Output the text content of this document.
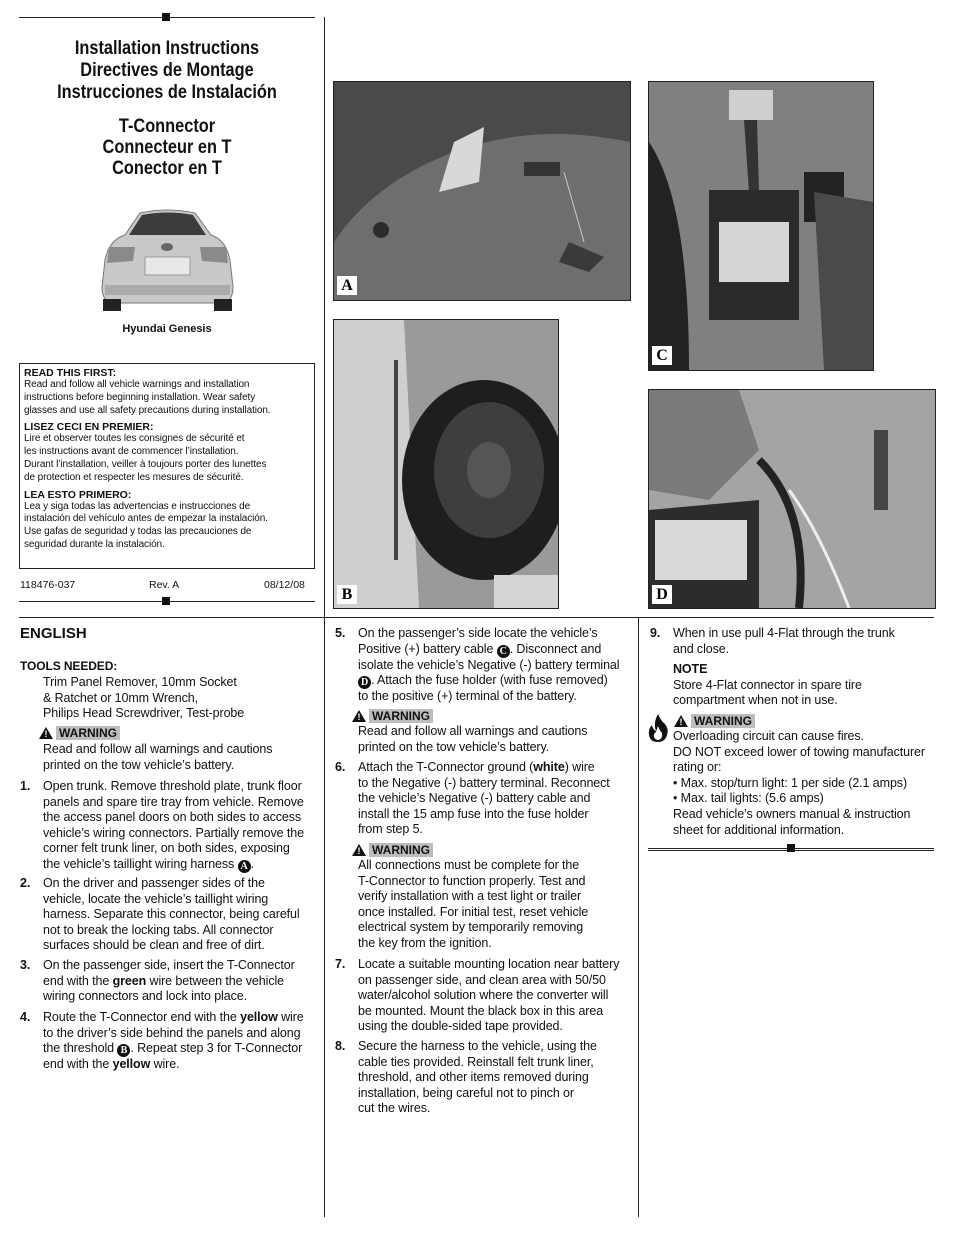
Installation Instructions
Directives de Montage
Instrucciones de Instalación
T-Connector
Connecteur en T
Conector en T
Hyundai Genesis

READ THIS FIRST:

Read and follow all vehicle warnings and installation

instructions before beginning installation. Wear safety

glasses and use all safety precautions during installation.

LISEZ CECI EN PREMIER:

Lire et observer toutes les consignes de sécurité et

les instructions avant de commencer l’installation.

Durant l’installation, veiller à toujours porter des lunettes

de protection et respecter les mesures de sécurité.

LEA ESTO PRIMERO:

Lea y siga todas las advertencias e instrucciones de

instalación del vehículo antes de empezar la instalación.

Use gafas de seguridad y todas las precauciones de

seguridad durante la instalación.

118476-037	Rev. A	08/12/08
A
B
C
D
ENGLISH
TOOLS NEEDED:
Trim Panel Remover, 10mm Socket
& Ratchet or 10mm Wrench,
Philips Head Screwdriver, Test-probe
! WARNING
Read and follow all warnings and cautions
printed on the tow vehicle’s battery.
1. Open trunk. Remove threshold plate, trunk floor
panels and spare tire tray from vehicle. Remove
the access panel doors on both sides to access
vehicle’s wiring connectors. Partially remove the
corner felt trunk liner, on both sides, exposing
the vehicle’s taillight wiring harness A .
2. On the driver and passenger sides of the
vehicle, locate the vehicle’s taillight wiring
harness. Separate this connector, being careful
not to break the locking tabs. All connector
surfaces should be clean and free of dirt.
3. On the passenger side, insert the T-Connector
end with the green wire between the vehicle
wiring connectors and lock into place.
4. Route the T-Connector end with the yellow wire
to the driver’s side behind the panels and along
the threshold B . Repeat step 3 for T-Connector
end with the yellow wire.
5. On the passenger’s side locate the vehicle’s
Positive (+) battery cable C . Disconnect and
isolate the vehicle’s Negative (-) battery terminal
D . Attach the fuse holder (with fuse removed)
to the positive (+) terminal of the battery.
! WARNING
Read and follow all warnings and cautions
printed on the tow vehicle’s battery.
6. Attach the T-Connector ground (white) wire
to the Negative (-) battery terminal. Reconnect
the vehicle’s Negative (-) battery cable and
install the 15 amp fuse into the fuse holder
from step 5.
! WARNING
All connections must be complete for the
T-Connector to function properly. Test and
verify installation with a test light or trailer
once installed. For initial test, reset vehicle
electrical system by temporarily removing
the key from the ignition.
7. Locate a suitable mounting location near battery
on passenger side, and clean area with 50/50
water/alcohol solution where the converter will
be mounted. Mount the black box in this area
using the double-sided tape provided.
8. Secure the harness to the vehicle, using the
cable ties provided. Reinstall felt trunk liner,
threshold, and other items removed during
installation, being careful not to pinch or
cut the wires.
9. When in use pull 4-Flat through the trunk
and close.
NOTE
Store 4-Flat connector in spare tire
compartment when not in use.
! WARNING
Overloading circuit can cause fires.
DO NOT exceed lower of towing manufacturer
rating or:
• Max. stop/turn light: 1 per side (2.1 amps)
• Max. tail lights: (5.6 amps)
Read vehicle’s owners manual & instruction
sheet for additional information.
